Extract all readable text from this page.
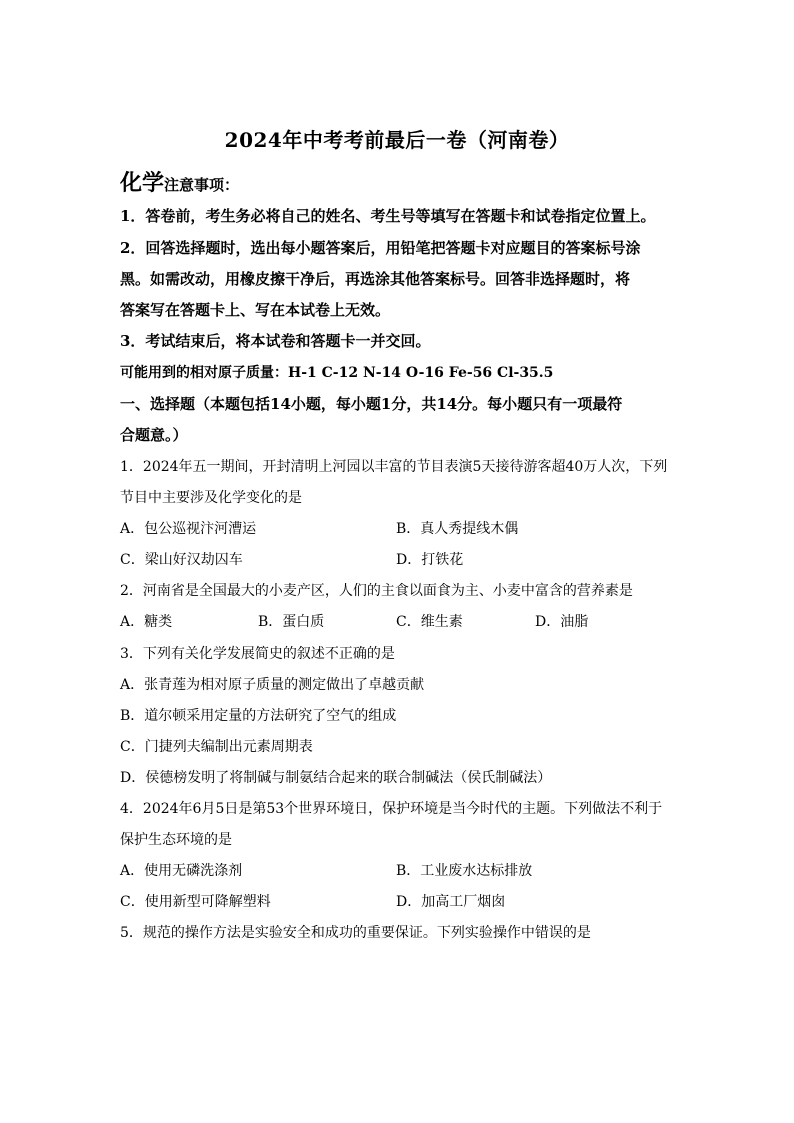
2024年中考考前最后一卷（河南卷）
化学注意事项：
1．答卷前，考生务必将自己的姓名、考生号等填写在答题卡和试卷指定位置上。
2．回答选择题时，选出每小题答案后，用铅笔把答题卡对应题目的答案标号涂
黑。如需改动，用橡皮擦干净后，再选涂其他答案标号。回答非选择题时，将
答案写在答题卡上、写在本试卷上无效。
3．考试结束后，将本试卷和答题卡一并交回。
可能用到的相对原子质量：H-1 C-12 N-14 O-16 Fe-56 Cl-35.5
一、选择题（本题包括14小题，每小题1分，共14分。每小题只有一项最符
合题意。）
1．2024年五一期间，开封清明上河园以丰富的节目表演5天接待游客超40万人次，下列
节目中主要涉及化学变化的是
A．包公巡视汴河漕运	B．真人秀提线木偶
C．梁山好汉劫囚车	D．打铁花
2．河南省是全国最大的小麦产区，人们的主食以面食为主、小麦中富含的营养素是
A．糖类	B．蛋白质	C．维生素	D．油脂
3．下列有关化学发展简史的叙述不正确的是
A．张青莲为相对原子质量的测定做出了卓越贡献
B．道尔顿采用定量的方法研究了空气的组成
C．门捷列夫编制出元素周期表
D．侯德榜发明了将制碱与制氨结合起来的联合制碱法（侯氏制碱法）
4．2024年6月5日是第53个世界环境日，保护环境是当今时代的主题。下列做法不利于
保护生态环境的是
A．使用无磷洗涤剂	B．工业废水达标排放
C．使用新型可降解塑料	D．加高工厂烟囱
5．规范的操作方法是实验安全和成功的重要保证。下列实验操作中错误的是
